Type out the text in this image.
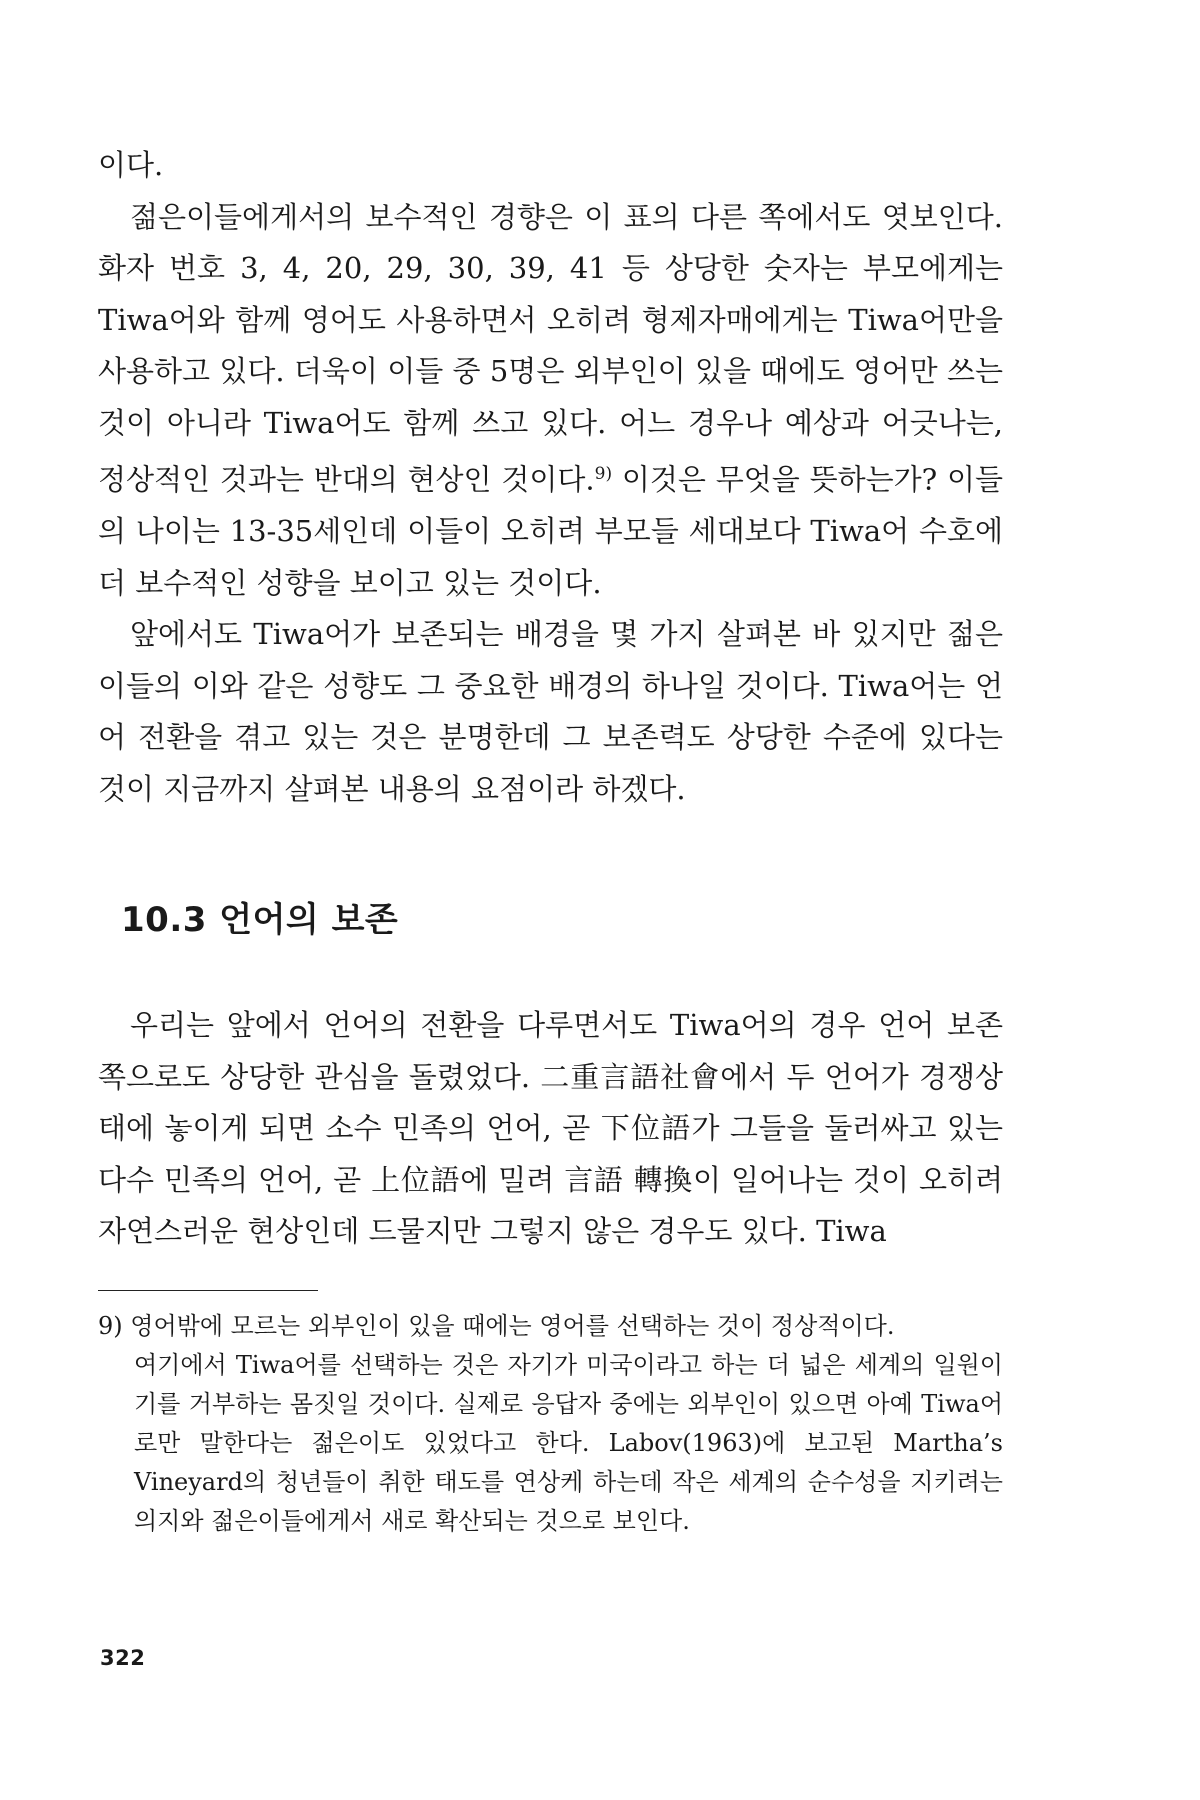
이다.

젊은이들에게서의 보수적인 경향은 이 표의 다른 쪽에서도 엿보인다. 화자 번호 3, 4, 20, 29, 30, 39, 41 등 상당한 숫자는 부모에게는 Tiwa어와 함께 영어도 사용하면서 오히려 형제자매에게는 Tiwa어만을 사용하고 있다. 더욱이 이들 중 5명은 외부인이 있을 때에도 영어만 쓰는 것이 아니라 Tiwa어도 함께 쓰고 있다. 어느 경우나 예상과 어긋나는, 정상적인 것과는 반대의 현상인 것이다.$^{9)}$ 이것은 무엇을 뜻하는가? 이들의 나이는 13-35세인데 이들이 오히려 부모들 세대보다 Tiwa어 수호에 더 보수적인 성향을 보이고 있는 것이다.

앞에서도 Tiwa어가 보존되는 배경을 몇 가지 살펴본 바 있지만 젊은이들의 이와 같은 성향도 그 중요한 배경의 하나일 것이다. Tiwa어는 언어 전환을 겪고 있는 것은 분명한데 그 보존력도 상당한 수준에 있다는 것이 지금까지 살펴본 내용의 요점이라 하겠다.

10.3 언어의 보존

우리는 앞에서 언어의 전환을 다루면서도 Tiwa어의 경우 언어 보존 쪽으로도 상당한 관심을 돌렸었다. 二重言語社會에서 두 언어가 경쟁상태에 놓이게 되면 소수 민족의 언어, 곧 下位語가 그들을 둘러싸고 있는 다수 민족의 언어, 곧 上位語에 밀려 言語 轉換이 일어나는 것이 오히려 자연스러운 현상인데 드물지만 그렇지 않은 경우도 있다. Tiwa

9) 영어밖에 모르는 외부인이 있을 때에는 영어를 선택하는 것이 정상적이다.
여기에서 Tiwa어를 선택하는 것은 자기가 미국이라고 하는 더 넓은 세계의 일원이기를 거부하는 몸짓일 것이다. 실제로 응답자 중에는 외부인이 있으면 아예 Tiwa어로만 말한다는 젊은이도 있었다고 한다. Labov(1963)에 보고된 Martha’s Vineyard의 청년들이 취한 태도를 연상케 하는데 작은 세계의 순수성을 지키려는 의지와 젊은이들에게서 새로 확산되는 것으로 보인다.
322
